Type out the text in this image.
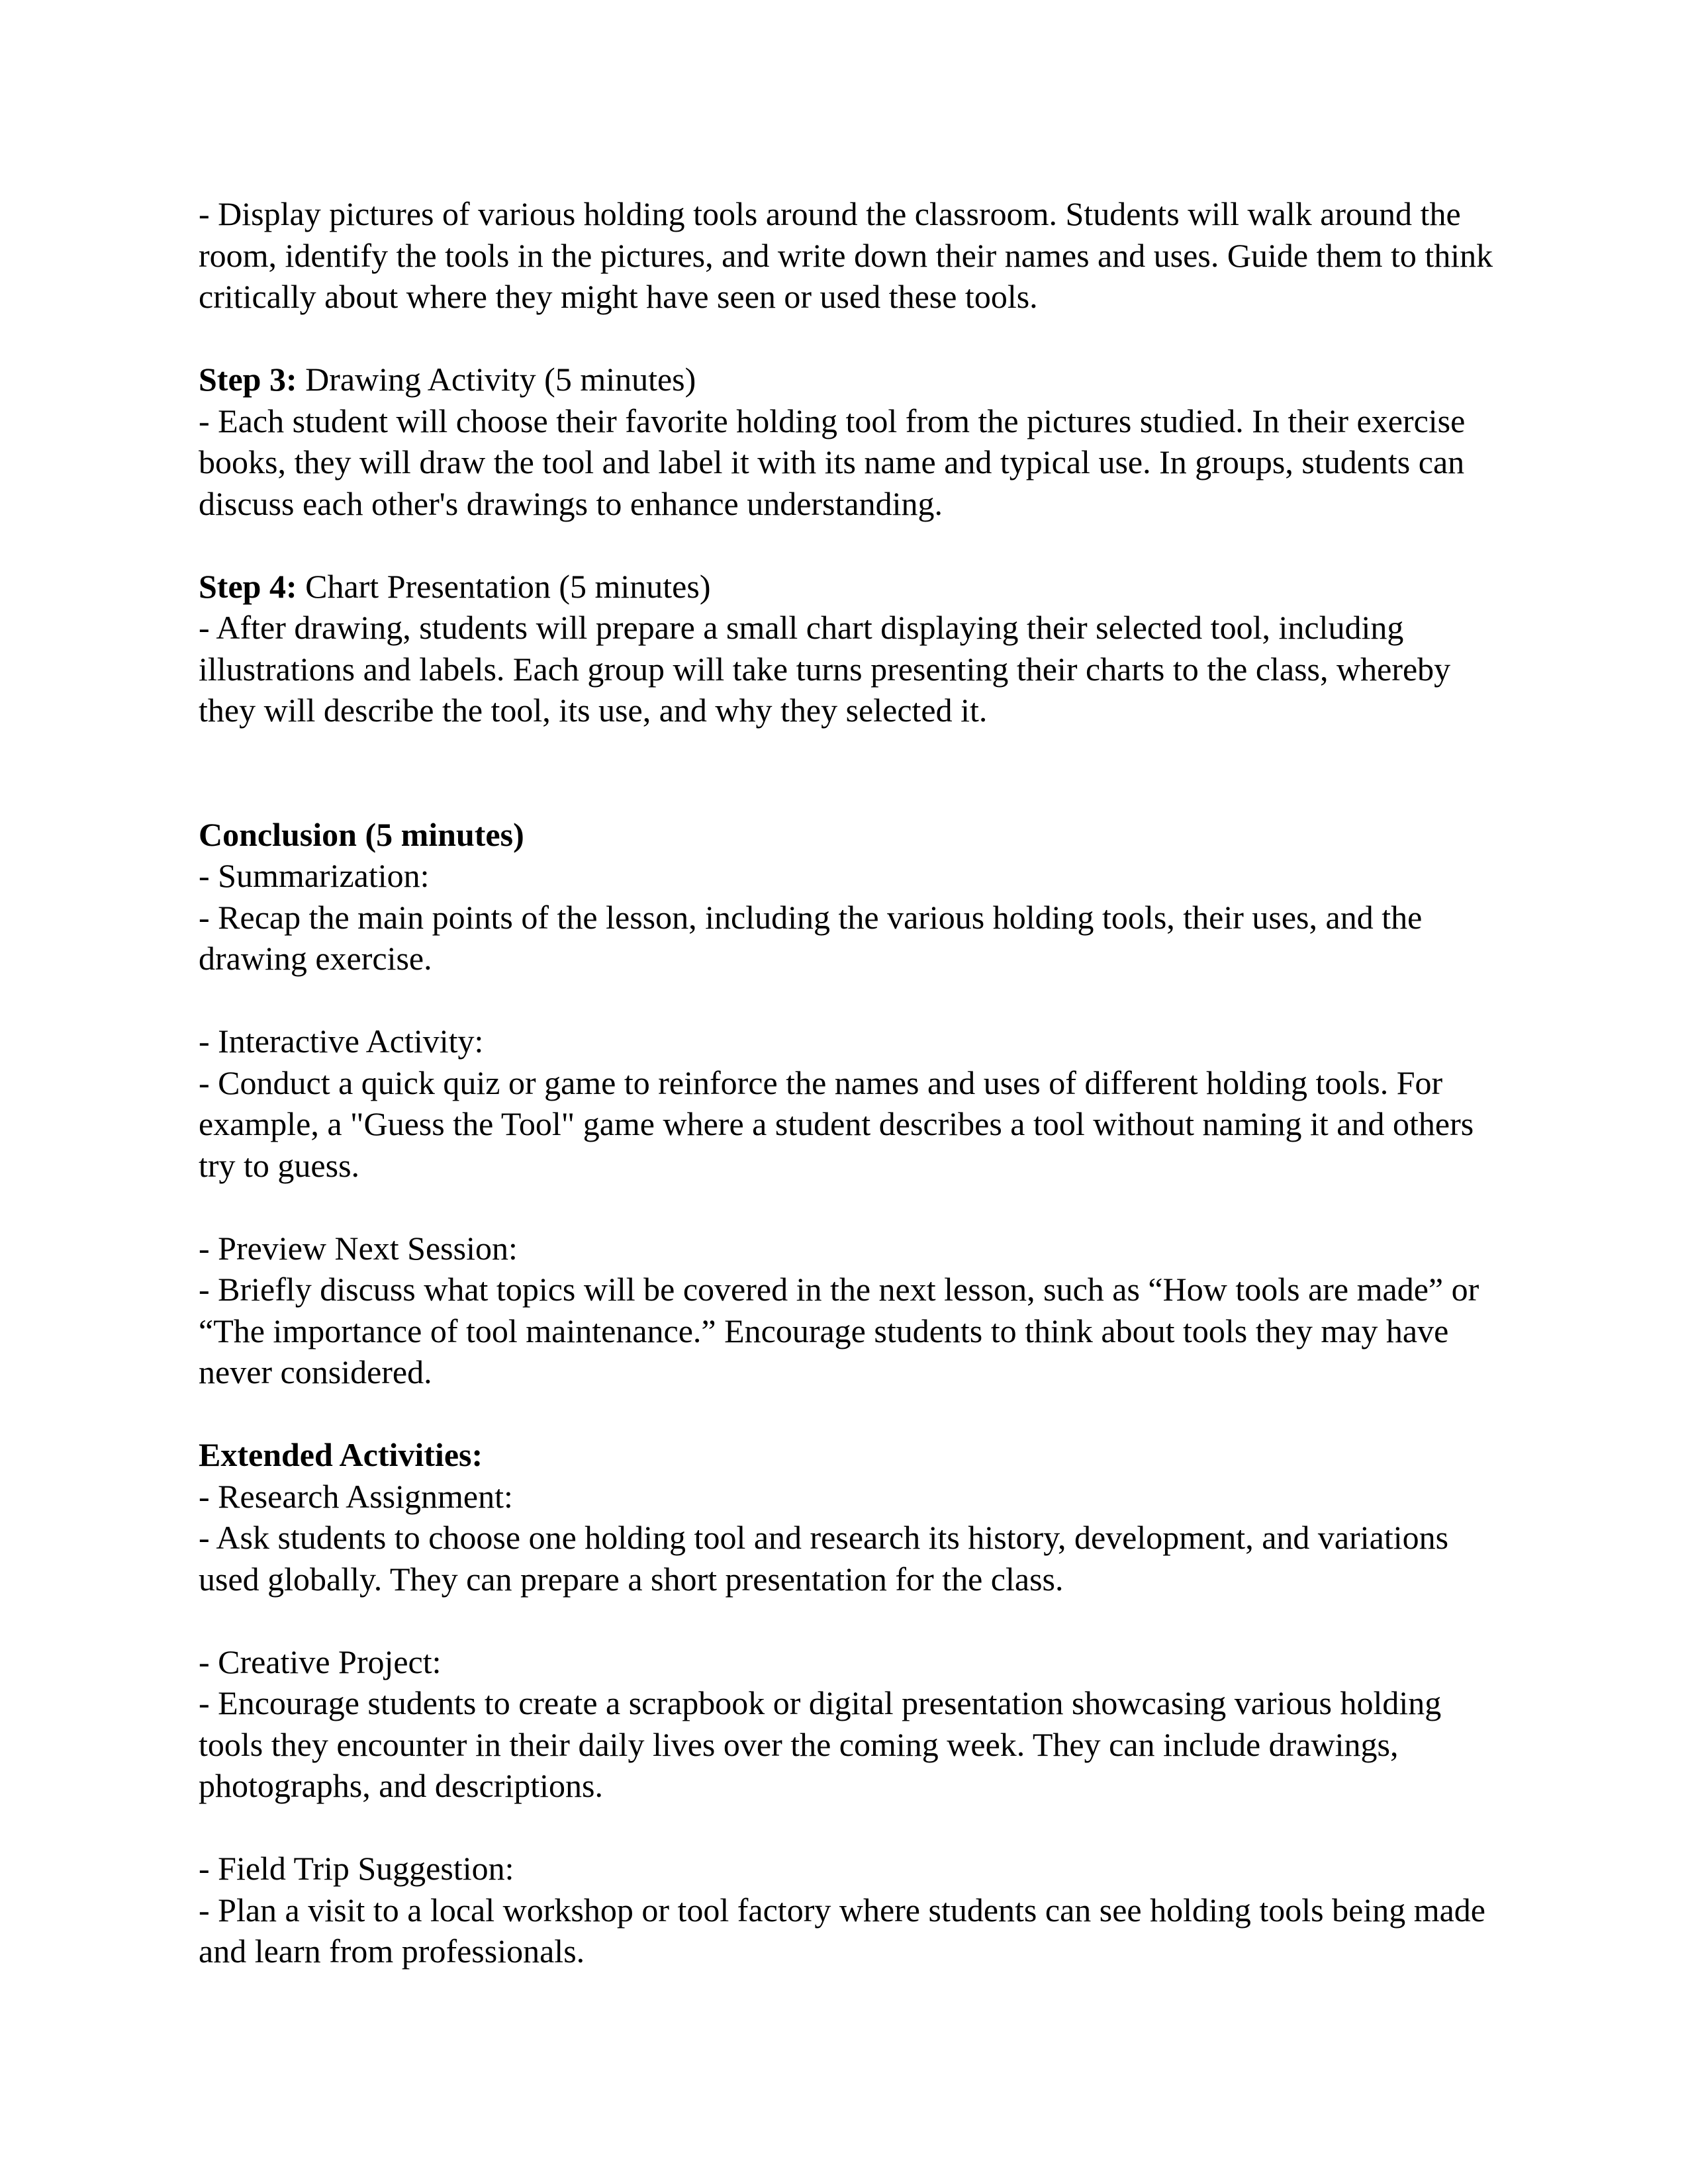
- Display pictures of various holding tools around the classroom. Students will walk around the room, identify the tools in the pictures, and write down their names and uses. Guide them to think critically about where they might have seen or used these tools.

Step 3: Drawing Activity (5 minutes)

- Each student will choose their favorite holding tool from the pictures studied. In their exercise books, they will draw the tool and label it with its name and typical use. In groups, students can discuss each other's drawings to enhance understanding.

Step 4: Chart Presentation (5 minutes)

- After drawing, students will prepare a small chart displaying their selected tool, including illustrations and labels. Each group will take turns presenting their charts to the class, whereby they will describe the tool, its use, and why they selected it.

Conclusion (5 minutes)

- Summarization:

- Recap the main points of the lesson, including the various holding tools, their uses, and the drawing exercise.

- Interactive Activity:

- Conduct a quick quiz or game to reinforce the names and uses of different holding tools. For example, a "Guess the Tool" game where a student describes a tool without naming it and others try to guess.

- Preview Next Session:

- Briefly discuss what topics will be covered in the next lesson, such as “How tools are made” or “The importance of tool maintenance.” Encourage students to think about tools they may have never considered.

Extended Activities:

- Research Assignment:

- Ask students to choose one holding tool and research its history, development, and variations used globally. They can prepare a short presentation for the class.

- Creative Project:

- Encourage students to create a scrapbook or digital presentation showcasing various holding tools they encounter in their daily lives over the coming week. They can include drawings, photographs, and descriptions.

- Field Trip Suggestion:

- Plan a visit to a local workshop or tool factory where students can see holding tools being made and learn from professionals.
